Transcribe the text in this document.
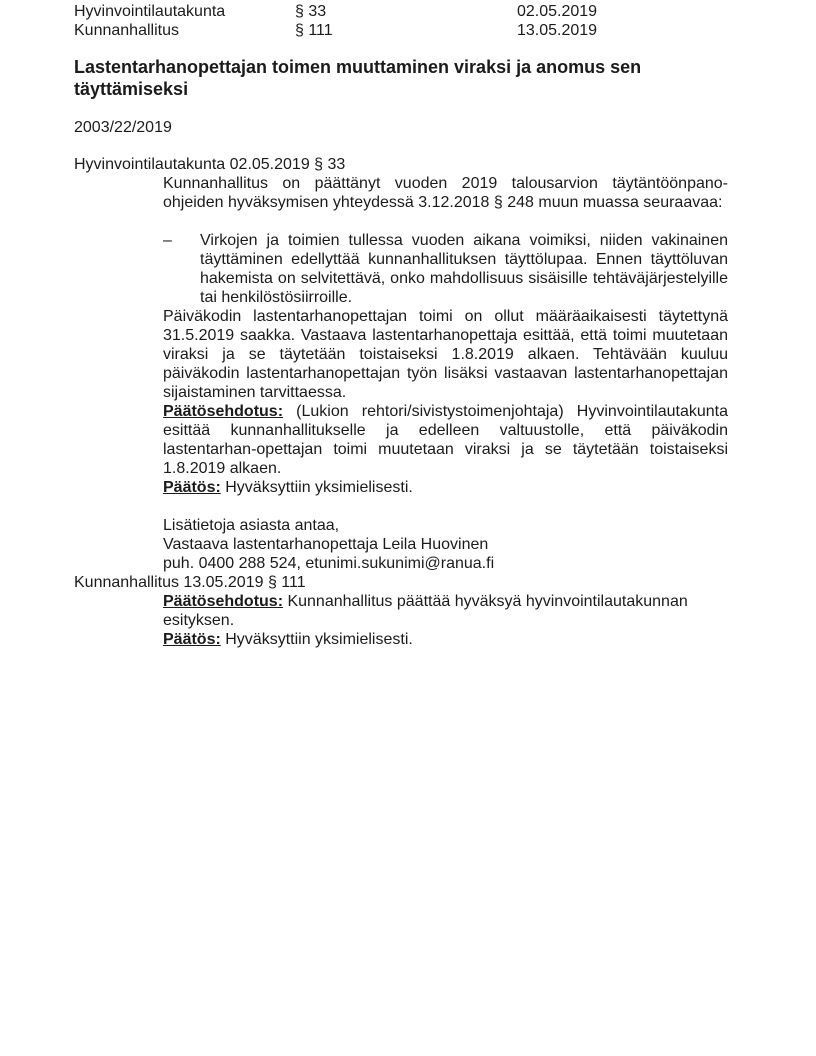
Hyvinvointilautakunta	§ 33	02.05.2019
Kunnanhallitus	§ 111	13.05.2019
Lastentarhanopettajan toimen muuttaminen viraksi ja anomus sen täyttämiseksi
2003/22/2019
Hyvinvointilautakunta 02.05.2019 § 33

Kunnanhallitus on päättänyt vuoden 2019 talousarvion täytäntöönpano-ohjeiden hyväksymisen yhteydessä 3.12.2018 § 248 muun muassa seuraavaa:

–	Virkojen ja toimien tullessa vuoden aikana voimiksi, niiden vakinainen täyttäminen edellyttää kunnanhallituksen täyttölupaa. Ennen täyttöluvan hakemista on selvitettävä, onko mahdollisuus sisäisille tehtäväjärjestelyille tai henkilöstösiirroille.

Päiväkodin lastentarhanopettajan toimi on ollut määräaikaisesti täytettynä 31.5.2019 saakka. Vastaava lastentarhanopettaja esittää, että toimi muutetaan viraksi ja se täytetään toistaiseksi 1.8.2019 alkaen. Tehtävään kuuluu päiväkodin lastentarhanopettajan työn lisäksi vastaavan lastentarhanopettajan sijaistaminen tarvittaessa.

Päätösehdotus: (Lukion rehtori/sivistystoimenjohtaja) Hyvinvointilautakunta esittää kunnanhallitukselle ja edelleen valtuustolle, että päiväkodin lastentarhan-opettajan toimi muutetaan viraksi ja se täytetään toistaiseksi 1.8.2019 alkaen.

Päätös: Hyväksyttiin yksimielisesti.

Lisätietoja asiasta antaa,
Vastaava lastentarhanopettaja Leila Huovinen
puh. 0400 288 524, etunimi.sukunimi@ranua.fi
Kunnanhallitus 13.05.2019 § 111

Päätösehdotus: Kunnanhallitus päättää hyväksyä hyvinvointilautakunnan esityksen.

Päätös: Hyväksyttiin yksimielisesti.
